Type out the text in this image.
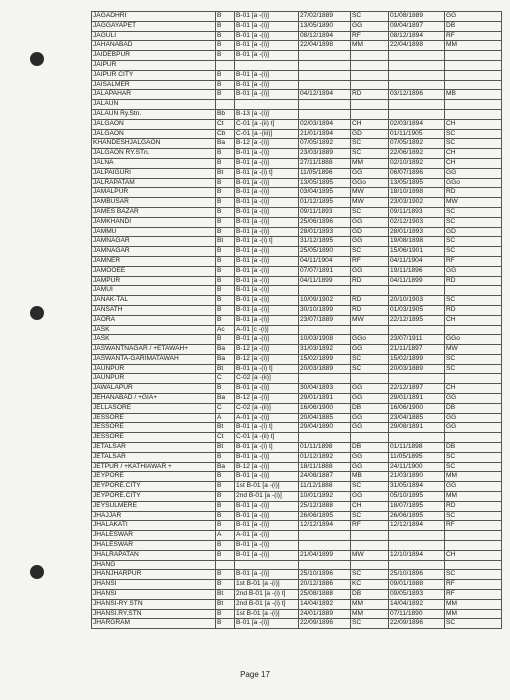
JAGADHRI	B	B-01 [a -(i)]	27/02/1889	SC	01/08/1889	GG
JAGGAYAPET	B	B-01 [a -(i)]	13/05/1890	GG	09/04/1897	DB
JAGULI	B	B-01 [a -(i)]	08/12/1894	RF	08/12/1894	RF
JAHANABAD	B	B-01 [a -(i)]	22/04/1898	MM	22/04/1898	MM
JAIDEBPUR	B	B-01 [a -(i)]				
JAIPUR						
JAIPUR CITY	B	B-01 [a -(i)]				
JAISALMER	B	B-01 [a -(i)]				
JALAPAHAR	B	B-01 [a -(i)]	04/12/1894	RD	03/12/1896	MB
JALAUN						
JALAUN Ry.Stn.	Bb	B-13 [a -(i)]				
JALGAON	Ct	C-01 [a -(ii) t]	02/03/1894	CH	02/03/1894	CH
JALGAON	Cb	C-01 [a -(iii)]	21/01/1894	GD	01/11/1905	SC
KHANDESHJALGAON	Ba	B-12 [a -(i)]	07/05/1892	SC	07/05/1892	SC
JALGAON RY.STn.	B	B-01 [a -(i)]	23/03/1889	SC	22/06/1892	CH
JALNA	B	B-01 [a -(i)]	27/11/1888	MM	02/10/1892	CH
JALPAIGURI	Bt	B-01 [a -(i) t]	11/05/1896	GG	06/07/1896	GG
JALRAPATAM	B	B-01 [a -(i)]	13/05/1895	GGo	13/05/1895	GGo
JAMALPUR	B	B-01 [a -(i)]	03/04/1895	MW	18/10/1898	RD
JAMBUSAR	B	B-01 [a -(i)]	01/12/1895	MW	23/03/1902	MW
JAMES BAZAR	B	B-01 [a -(i)]	09/11/1893	SC	09/11/1893	SC
JAMKHANDI	B	B-01 [a -(i)]	25/06/1896	GG	02/12/1903	SC
JAMMU	B	B-01 [a -(i)]	28/01/1893	GD	28/01/1893	GD
JAMNAGAR	Bt	B-01 [a -(i) t]	31/12/1895	GG	19/08/1898	SC
JAMNAGAR	B	B-01 [a -(i)]	25/05/1890	SC	15/06/1901	SC
JAMNER	B	B-01 [a -(i)]	04/11/1904	RF	04/11/1904	RF
JAMOOEE	B	B-01 [a -(i)]	07/07/1891	GG	19/11/1896	GG
JAMPUR	B	B-01 [a -(i)]	04/11/1899	RD	04/11/1899	RD
JAMUI	B	B-01 [a -(i)]				
JANAK-TAL	B	B-01 [a -(i)]	10/09/1902	RD	20/10/1903	SC
JANSATH	B	B-01 [a -(i)]	30/10/1899	RD	01/03/1905	RD
JAORA	B	B-01 [a -(i)]	23/07/1889	MW	22/12/1895	CH
JASK	Ac	A-01 [c -(i)]				
JASK	B	B-01 [a -(i)]	10/03/1908	GGo	23/07/1911	GGo
JASWANTNAGAR / +ETAWAH+	Ba	B-12 [a -(i)]	31/03/1892	GG	21/11/1897	MW
JASWANTA-GARIMATAWAH	Ba	B-12 [a -(i)]	15/02/1899	SC	15/02/1899	SC
JAUNPUR	Bt	B-01 [a -(i) t]	20/03/1889	SC	20/03/1889	SC
JAUNPUR	C	C-02 [a -(ii)]				
JAWALAPUR	B	B-01 [a -(i)]	30/04/1893	GG	22/12/1897	CH
JEHANABAD / +GIA+	Ba	B-12 [a -(i)]	29/01/1891	GG	29/01/1891	GG
JELLASORE	C	C-02 [a -(ii)]	16/06/1900	DB	16/06/1900	DB
JESSORE	A	A-01 [a -(i)]	20/04/1885	GG	23/04/1885	GG
JESSORE	Bt	B-01 [a -(i) t]	29/04/1890	GG	29/08/1891	GG
JESSORE	Ct	C-01 [a -(ii) t]				
JETALSAR	Bt	B-01 [a -(i) t]	01/11/1898	DB	01/11/1898	DB
JETALSAR	B	B-01 [a -(i)]	01/12/1892	GG	11/05/1895	SC
JETPUR / +KATHIAWAR +	Ba	B-12 [a -(i)]	18/11/1888	GG	24/11/1900	SC
JEYPORE	B	B-01 [a -(i)]	24/08/1887	MB	21/03/1890	MM
JEYPORE.CITY	B	1st B-01 [a -(i)]	11/12/1888	SC	31/05/1894	GG
JEYPORE.CITY	B	2nd B-01 [a -(i)]	10/01/1892	GG	05/10/1895	MM
JEYSULMERE	B	B-01 [a -(i)]	25/12/1888	CH	18/07/1895	RD
JHAJJAR	B	B-01 [a -(i)]	26/06/1895	SC	26/06/1895	SC
JHALAKATI	B	B-01 [a -(i)]	12/12/1894	RF	12/12/1894	RF
JHALESWAR	A	A-01 [a -(i)]				
JHALESWAR	B	B-01 [a -(i)]				
JHALRAPATAN	B	B-01 [a -(i)]	21/04/1899	MW	12/10/1894	CH
JHANG						
JHANJHARPUR	B	B-01 [a -(i)]	25/10/1896	SC	25/10/1896	SC
JHANSI	B	1st B-01 [a -(i)]	20/12/1886	KC	09/01/1888	RF
JHANSI	Bt	2nd B-01 [a -(i) t]	25/08/1888	DB	09/05/1893	RF
JHANSI-RY STN	Bt	2nd B-01 [a -(i) t]	14/04/1892	MM	14/04/1892	MM
JHANSI.RY.STN	B	1st B-01 [a -(i)]	24/01/1889	MM	07/11/1890	MM
JHARGRAM	B	B-01 [a -(i)]	22/09/1896	SC	22/09/1896	SC
Page 17
